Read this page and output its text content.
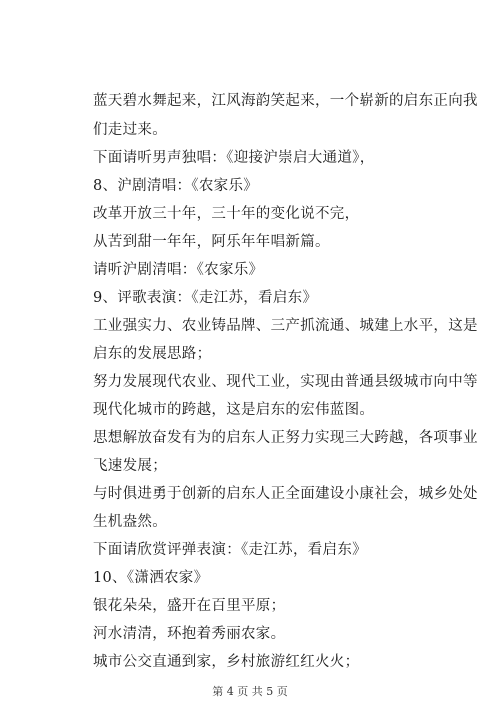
蓝天碧水舞起来，江风海韵笑起来，一个崭新的启东正向我
们走过来。
下面请听男声独唱：《迎接沪崇启大通道》，
8、沪剧清唱：《农家乐》
改革开放三十年，三十年的变化说不完，
从苦到甜一年年，阿乐年年唱新篇。
请听沪剧清唱：《农家乐》
9、评歌表演：《走江苏，看启东》
工业强实力、农业铸品牌、三产抓流通、城建上水平，这是
启东的发展思路；
努力发展现代农业、现代工业，实现由普通县级城市向中等
现代化城市的跨越，这是启东的宏伟蓝图。
思想解放奋发有为的启东人正努力实现三大跨越，各项事业
飞速发展；
与时俱进勇于创新的启东人正全面建设小康社会，城乡处处
生机盎然。
下面请欣赏评弹表演：《走江苏，看启东》
10、《潇洒农家》
银花朵朵，盛开在百里平原；
河水清清，环抱着秀丽农家。
城市公交直通到家，乡村旅游红红火火；
第 4 页 共 5 页
